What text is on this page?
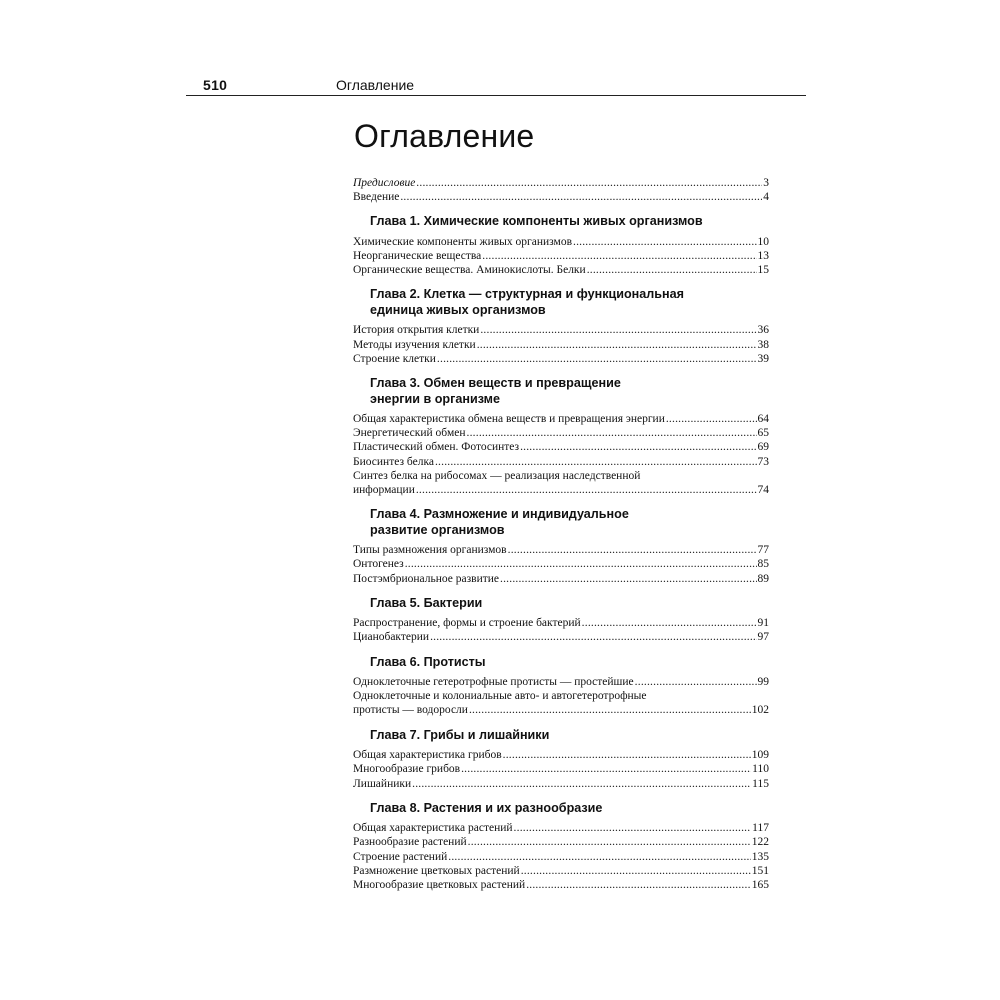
510	Оглавление
Оглавление
Предисловие .....	3
Введение .....	4
Глава 1. Химические компоненты живых организмов
Химические компоненты живых организмов .....	10
Неорганические вещества .....	13
Органические вещества. Аминокислоты. Белки .....	15
Глава 2. Клетка — структурная и функциональная
единица живых организмов
История открытия клетки .....	36
Методы изучения клетки .....	38
Строение клетки .....	39
Глава 3. Обмен веществ и превращение
энергии в организме
Общая характеристика обмена веществ и превращения энергии .....	64
Энергетический обмен .....	65
Пластический обмен. Фотосинтез .....	69
Биосинтез белка .....	73
Синтез белка на рибосомах — реализация наследственной
информации .....	74
Глава 4. Размножение и индивидуальное
развитие организмов
Типы размножения организмов .....	77
Онтогенез .....	85
Постэмбриональное развитие .....	89
Глава 5. Бактерии
Распространение, формы и строение бактерий .....	91
Цианобактерии .....	97
Глава 6. Протисты
Одноклеточные гетеротрофные протисты — простейшие .....	99
Одноклеточные и колониальные авто- и автогетеротрофные
протисты — водоросли .....	102
Глава 7. Грибы и лишайники
Общая характеристика грибов .....	109
Многообразие грибов .....	110
Лишайники .....	115
Глава 8. Растения и их разнообразие
Общая характеристика растений .....	117
Разнообразие растений .....	122
Строение растений .....	135
Размножение цветковых растений .....	151
Многообразие цветковых растений .....	165
